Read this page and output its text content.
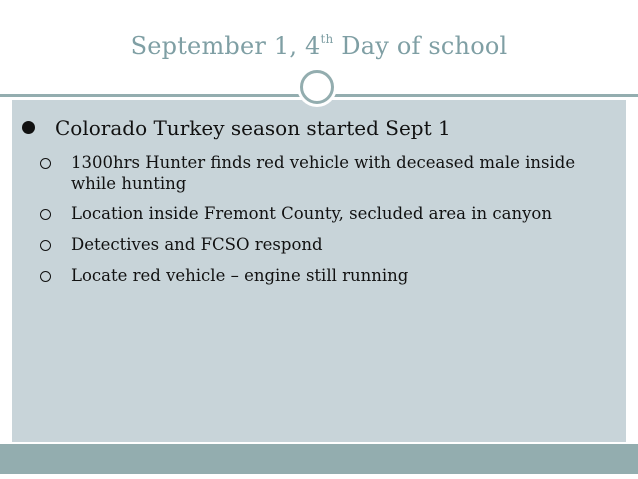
September 1, 4th Day of school
Colorado Turkey season started Sept 1
1300hrs Hunter finds red vehicle with deceased male inside while hunting
Location inside Fremont County, secluded area in canyon
Detectives and FCSO respond
Locate red vehicle – engine still running
